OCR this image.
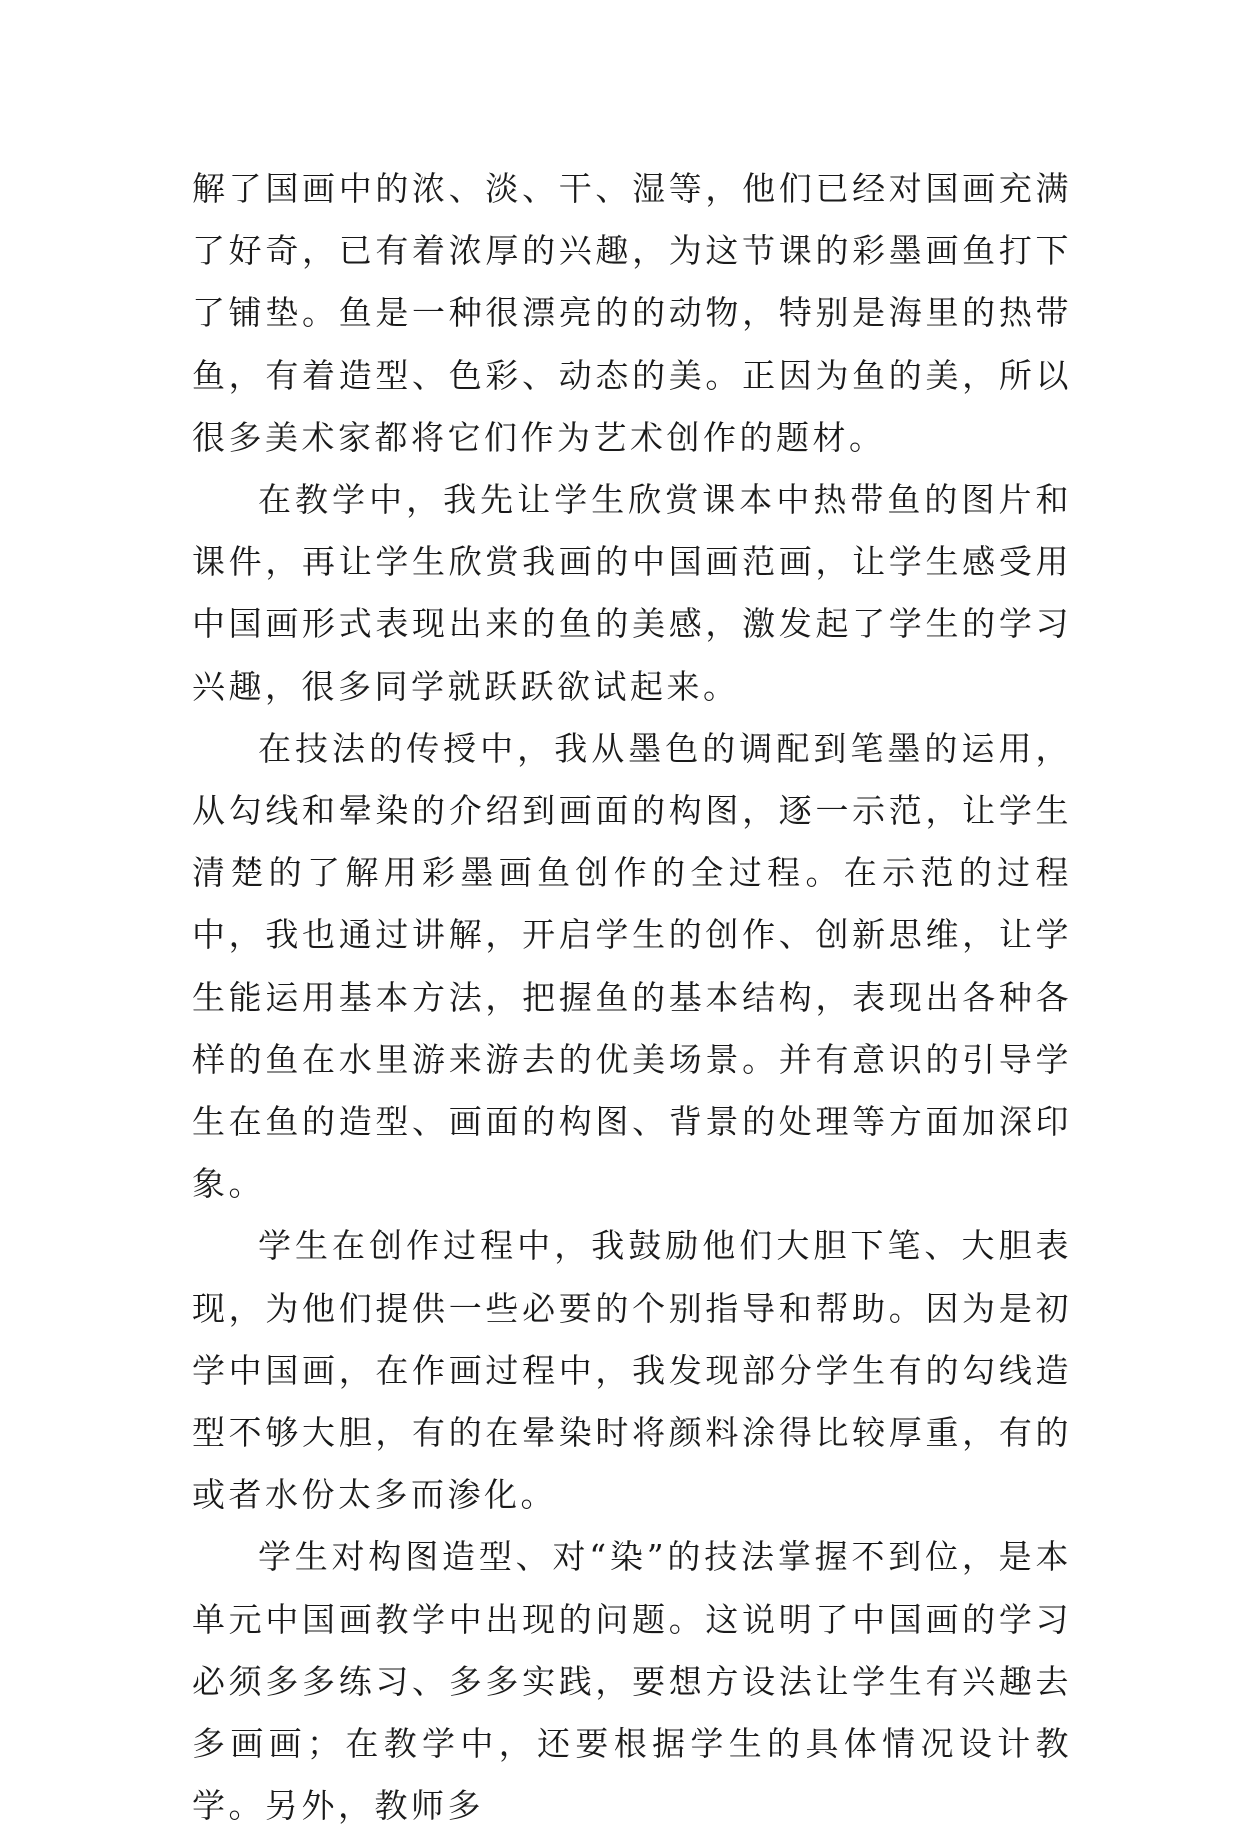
解了国画中的浓、淡、干、湿等，他们已经对国画充满了好奇，已有着浓厚的兴趣，为这节课的彩墨画鱼打下了铺垫。鱼是一种很漂亮的的动物，特别是海里的热带鱼，有着造型、色彩、动态的美。正因为鱼的美，所以很多美术家都将它们作为艺术创作的题材。

在教学中，我先让学生欣赏课本中热带鱼的图片和课件，再让学生欣赏我画的中国画范画，让学生感受用中国画形式表现出来的鱼的美感，激发起了学生的学习兴趣，很多同学就跃跃欲试起来。

在技法的传授中，我从墨色的调配到笔墨的运用，从勾线和晕染的介绍到画面的构图，逐一示范，让学生清楚的了解用彩墨画鱼创作的全过程。在示范的过程中，我也通过讲解，开启学生的创作、创新思维，让学生能运用基本方法，把握鱼的基本结构，表现出各种各样的鱼在水里游来游去的优美场景。并有意识的引导学生在鱼的造型、画面的构图、背景的处理等方面加深印象。

学生在创作过程中，我鼓励他们大胆下笔、大胆表现，为他们提供一些必要的个别指导和帮助。因为是初学中国画，在作画过程中，我发现部分学生有的勾线造型不够大胆，有的在晕染时将颜料涂得比较厚重，有的或者水份太多而渗化。

学生对构图造型、对“染”的技法掌握不到位，是本单元中国画教学中出现的问题。这说明了中国画的学习必须多多练习、多多实践，要想方设法让学生有兴趣去多画画；在教学中，还要根据学生的具体情况设计教学。另外，教师多
